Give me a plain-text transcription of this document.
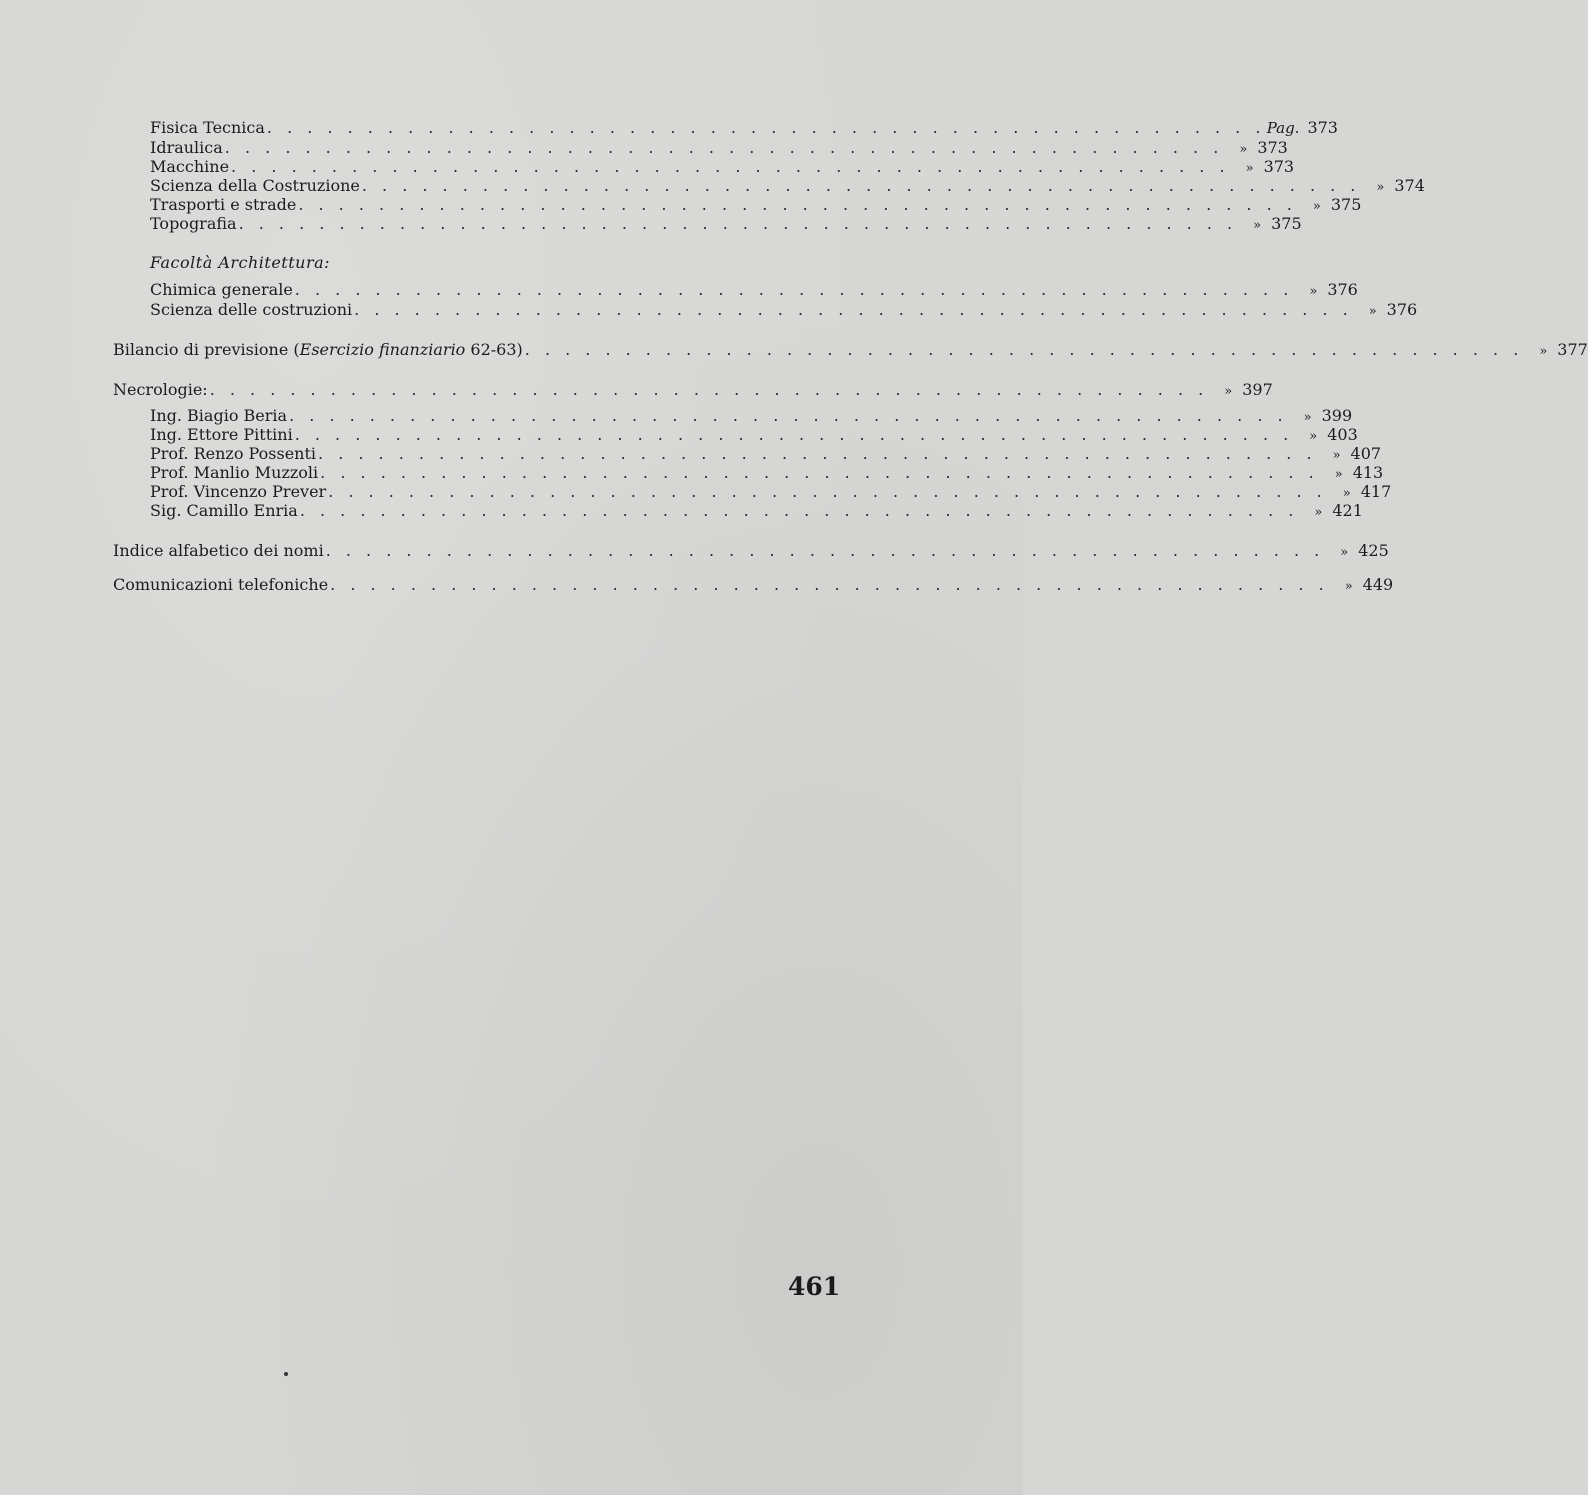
Fisica Tecnica . . . . . . . . . . . . . . . . . . . . . . . . . . . . . . . . . . . . . . . . . . . . . . . . . . Pag. 373
Idraulica . . . . . . . . . . . . . . . . . . . . . . . . . . . . . . . . . . . . . . . . . . . . . . . . . .	» 373
Macchine . . . . . . . . . . . . . . . . . . . . . . . . . . . . . . . . . . . . . . . . . . . . . . . . . .	» 373
Scienza della Costruzione . . . . . . . . . . . . . . . . . . . . . . . . . . . . . . . . . . . . . . . . . . . . . . . . . .	» 374
Trasporti e strade . . . . . . . . . . . . . . . . . . . . . . . . . . . . . . . . . . . . . . . . . . . . . . . . . .	» 375
Topografia . . . . . . . . . . . . . . . . . . . . . . . . . . . . . . . . . . . . . . . . . . . . . . . . . .	» 375
Facoltà Architettura:
Chimica generale . . . . . . . . . . . . . . . . . . . . . . . . . . . . . . . . . . . . . . . . . . . . . . . . . .	» 376
Scienza delle costruzioni . . . . . . . . . . . . . . . . . . . . . . . . . . . . . . . . . . . . . . . . . . . . . . . . . .	» 376
Bilancio di previsione (Esercizio finanziario 62-63) . . . . . . . . . . . . . . . . . . . . . . . . . . . . . . . . . . . . . . . . . . . . . . . . . .	» 377
Necrologie: . . . . . . . . . . . . . . . . . . . . . . . . . . . . . . . . . . . . . . . . . . . . . . . . . .	» 397
Ing. Biagio Beria . . . . . . . . . . . . . . . . . . . . . . . . . . . . . . . . . . . . . . . . . . . . . . . . . .	» 399
Ing. Ettore Pittini . . . . . . . . . . . . . . . . . . . . . . . . . . . . . . . . . . . . . . . . . . . . . . . . . .	» 403
Prof. Renzo Possenti . . . . . . . . . . . . . . . . . . . . . . . . . . . . . . . . . . . . . . . . . . . . . . . . . .	» 407
Prof. Manlio Muzzoli . . . . . . . . . . . . . . . . . . . . . . . . . . . . . . . . . . . . . . . . . . . . . . . . . .	» 413
Prof. Vincenzo Prever . . . . . . . . . . . . . . . . . . . . . . . . . . . . . . . . . . . . . . . . . . . . . . . . . .	» 417
Sig. Camillo Enria . . . . . . . . . . . . . . . . . . . . . . . . . . . . . . . . . . . . . . . . . . . . . . . . . .	» 421
Indice alfabetico dei nomi . . . . . . . . . . . . . . . . . . . . . . . . . . . . . . . . . . . . . . . . . . . . . . . . . .	» 425
Comunicazioni telefoniche . . . . . . . . . . . . . . . . . . . . . . . . . . . . . . . . . . . . . . . . . . . . . . . . . .	» 449
461
